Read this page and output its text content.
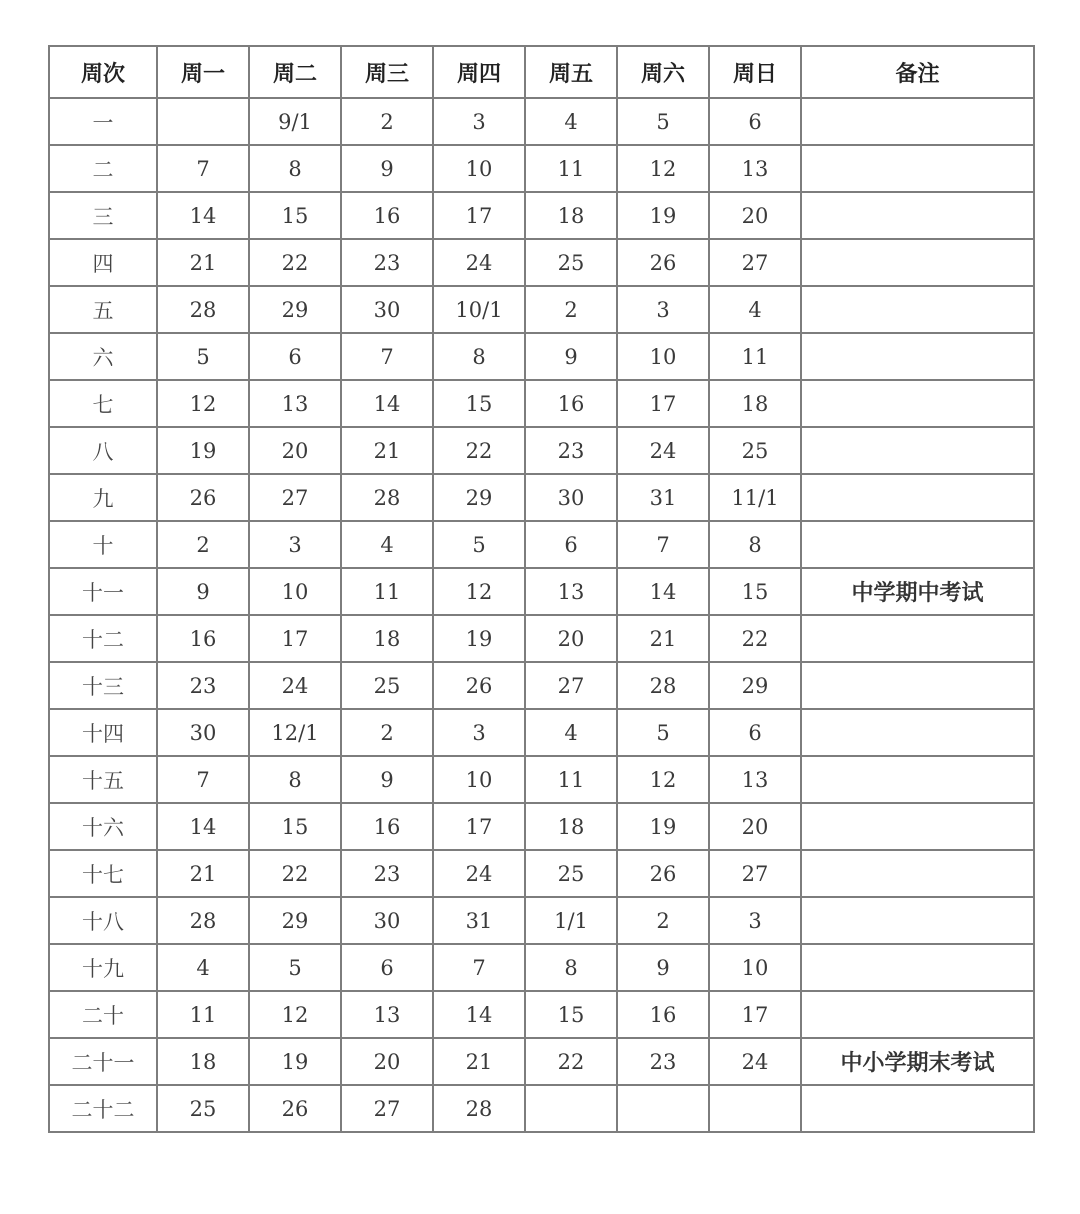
周次	周一	周二	周三	周四	周五	周六	周日	备注
一		9/1	2	3	4	5	6	
二	7	8	9	10	11	12	13	
三	14	15	16	17	18	19	20	
四	21	22	23	24	25	26	27	
五	28	29	30	10/1	2	3	4	
六	5	6	7	8	9	10	11	
七	12	13	14	15	16	17	18	
八	19	20	21	22	23	24	25	
九	26	27	28	29	30	31	11/1	
十	2	3	4	5	6	7	8	
十一	9	10	11	12	13	14	15	中学期中考试
十二	16	17	18	19	20	21	22	
十三	23	24	25	26	27	28	29	
十四	30	12/1	2	3	4	5	6	
十五	7	8	9	10	11	12	13	
十六	14	15	16	17	18	19	20	
十七	21	22	23	24	25	26	27	
十八	28	29	30	31	1/1	2	3	
十九	4	5	6	7	8	9	10	
二十	11	12	13	14	15	16	17	
二十一	18	19	20	21	22	23	24	中小学期末考试
二十二	25	26	27	28				
